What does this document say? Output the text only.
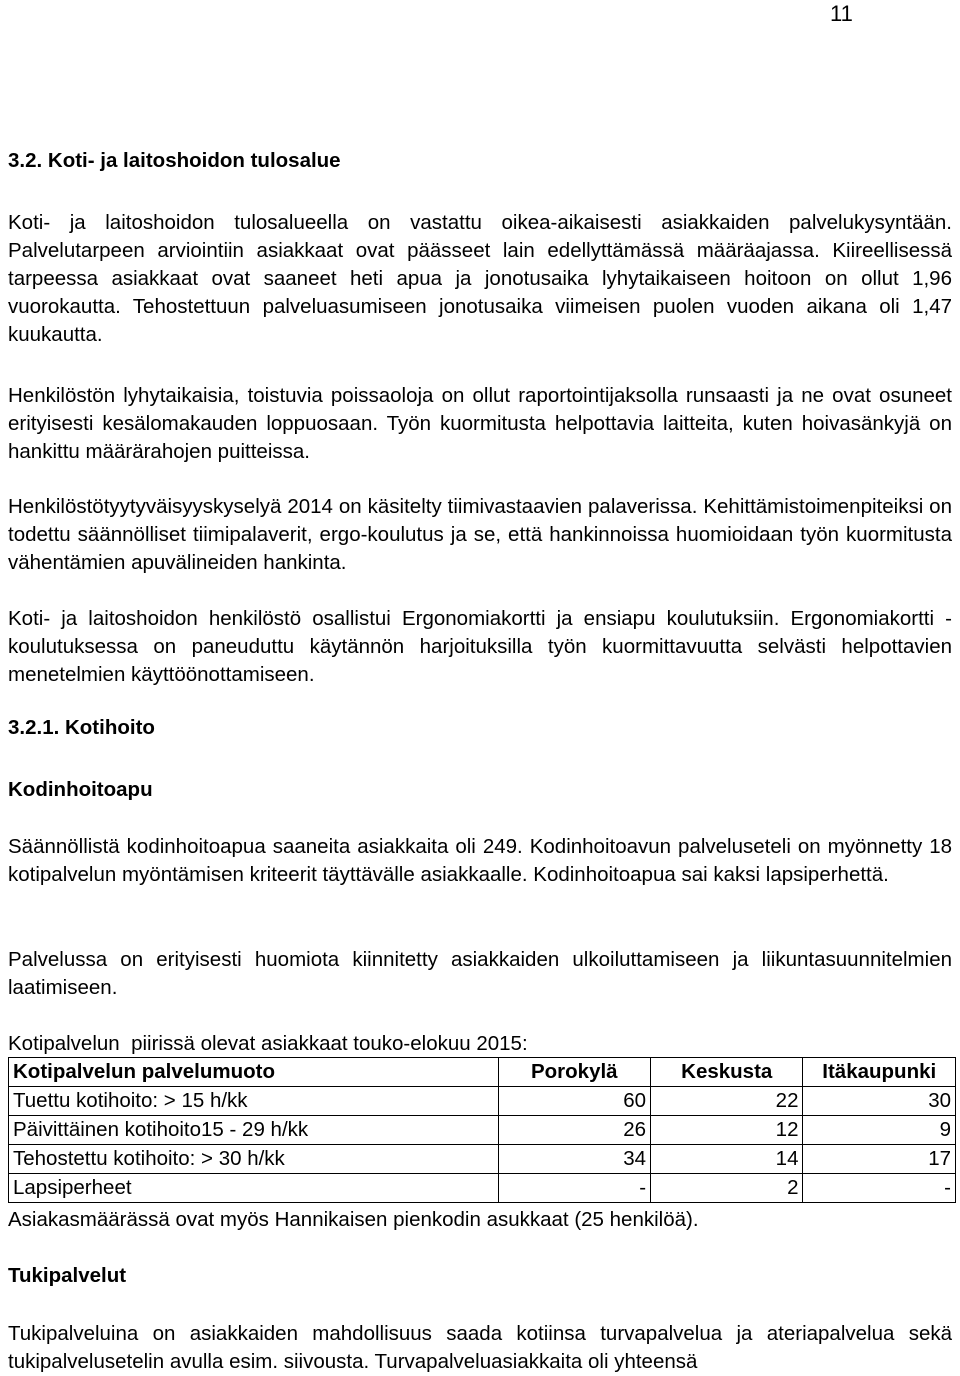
11
3.2. Koti- ja laitoshoidon tulosalue

Koti- ja laitoshoidon tulosalueella on vastattu oikea-aikaisesti asiakkaiden palvelukysyntään. Palvelutarpeen arviointiin asiakkaat ovat päässeet lain edellyttämässä määräajassa. Kiireellisessä tarpeessa asiakkaat ovat saaneet heti apua ja jonotusaika lyhytaikaiseen hoitoon on ollut 1,96 vuorokautta. Tehostettuun palveluasumiseen jonotusaika viimeisen puolen vuoden aikana oli 1,47 kuukautta.

Henkilöstön lyhytaikaisia, toistuvia poissaoloja on ollut raportointijaksolla runsaasti ja ne ovat osuneet erityisesti kesälomakauden loppuosaan. Työn kuormitusta helpottavia laitteita, kuten hoivasänkyjä on hankittu määrärahojen puitteissa.

Henkilöstötyytyväisyyskyselyä 2014 on käsitelty tiimivastaavien palaverissa. Kehittämistoimenpiteiksi on todettu säännölliset tiimipalaverit, ergo-koulutus ja se, että hankinnoissa huomioidaan työn kuormitusta vähentämien apuvälineiden hankinta.

Koti- ja laitoshoidon henkilöstö osallistui Ergonomiakortti ja ensiapu koulutuksiin. Ergonomiakortti -koulutuksessa on paneuduttu käytännön harjoituksilla työn kuormittavuutta selvästi helpottavien menetelmien käyttöönottamiseen.

3.2.1. Kotihoito
Kodinhoitoapu

Säännöllistä kodinhoitoapua saaneita asiakkaita oli 249. Kodinhoitoavun palveluseteli on myönnetty 18 kotipalvelun myöntämisen kriteerit täyttävälle asiakkaalle. Kodinhoitoapua sai kaksi lapsiperhettä.

Palvelussa on erityisesti huomiota kiinnitetty asiakkaiden ulkoiluttamiseen ja liikuntasuunnitelmien laatimiseen.

Kotipalvelun  piirissä olevat asiakkaat touko-elokuu 2015:

Kotipalvelun palvelumuoto	Porokylä	Keskusta	Itäkaupunki
Tuettu kotihoito: > 15 h/kk	60	22	30
Päivittäinen kotihoito15 - 29 h/kk	26	12	9
Tehostettu kotihoito: > 30 h/kk	34	14	17
Lapsiperheet	-	2	-

Asiakasmäärässä ovat myös Hannikaisen pienkodin asukkaat (25 henkilöä).

Tukipalvelut

Tukipalveluina on asiakkaiden mahdollisuus saada kotiinsa turvapalvelua ja ateriapalvelua sekä tukipalvelusetelin avulla esim. siivousta. Turvapalveluasiakkaita oli yhteensä
